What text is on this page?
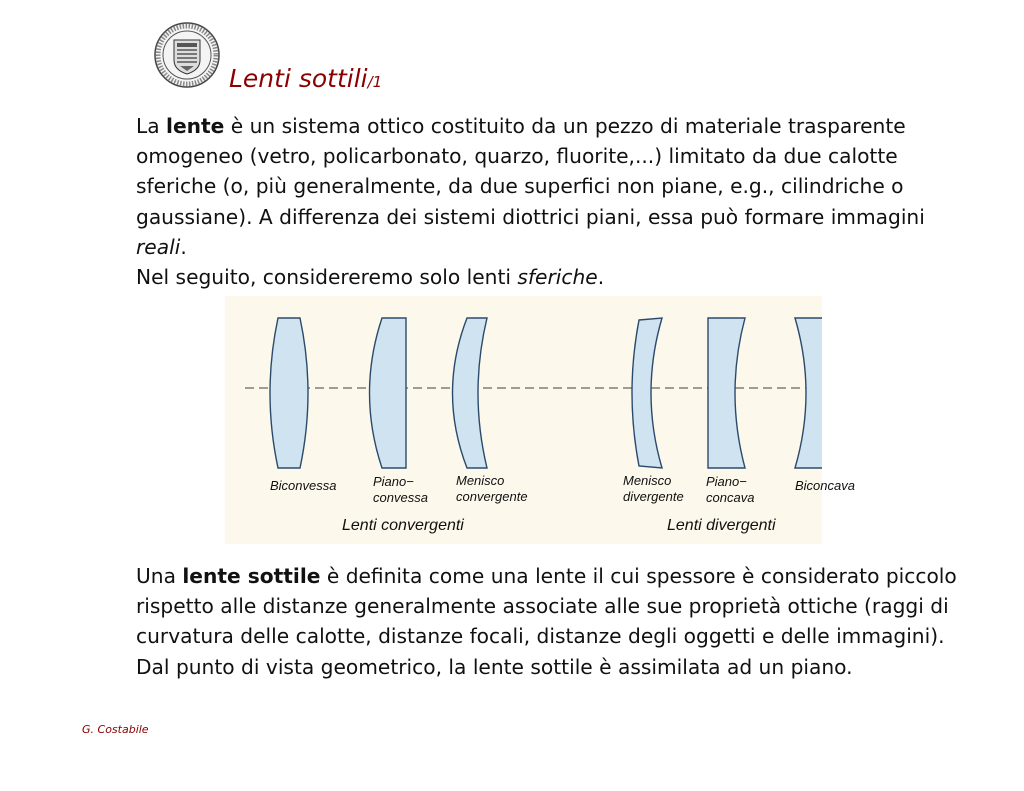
Lenti sottili/1
La lente è un sistema ottico costituito da un pezzo di materiale trasparente
omogeneo (vetro, policarbonato, quarzo, fluorite,...) limitato da due calotte
sferiche (o, più generalmente, da due superfici non piane, e.g., cilindriche o
gaussiane). A differenza dei sistemi diottrici piani, essa può formare immagini
reali.
Nel seguito, considereremo solo lenti sferiche.
Biconvessa	Piano−
convessa
Menisco
convergente
Menisco
divergente
Piano−
concava
Biconcava
Lenti convergenti	Lenti divergenti
Una lente sottile è definita come una lente il cui spessore è considerato piccolo
rispetto alle distanze generalmente associate alle sue proprietà ottiche (raggi di
curvatura delle calotte, distanze focali, distanze degli oggetti e delle immagini).
Dal punto di vista geometrico, la lente sottile è assimilata ad un piano.
G. Costabile
